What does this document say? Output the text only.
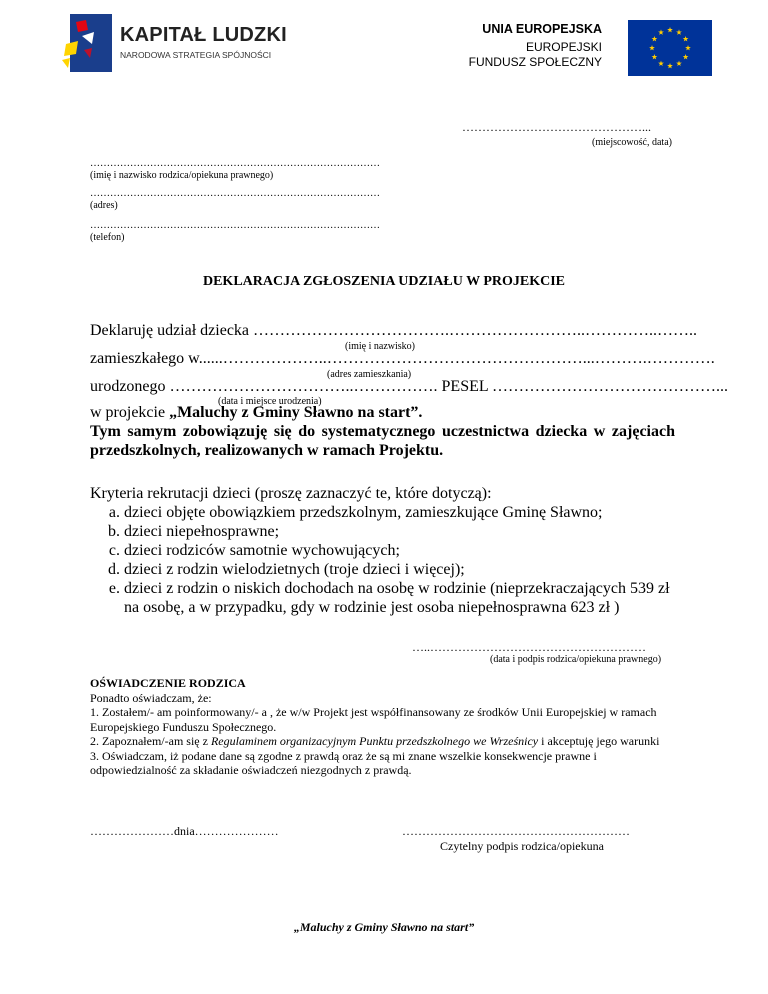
KAPITAŁ LUDZKI
NARODOWA STRATEGIA SPÓJNOŚCI
UNIA EUROPEJSKA
EUROPEJSKI
FUNDUSZ SPOŁECZNY
………………………………………...
(miejscowość, data)
……………………………………………………………………………
(imię i nazwisko rodzica/opiekuna prawnego)
……………………………………………………………………………
(adres)
……………………………………………………………………………
(telefon)
DEKLARACJA ZGŁOSZENIA UDZIAŁU W PROJEKCIE
Deklaruję udział dziecka ……………………………….……………………..…………..……..
(imię i nazwisko)
zamieszkałego w......………………..…………………………………………...……….………….
(adres zamieszkania)
urodzonego ……………………………..……………. PESEL ……………………………………...
(data i miejsce urodzenia)
w projekcie „Maluchy z Gminy Sławno na start”.
Tym samym zobowiązuję się do systematycznego uczestnictwa dziecka w zajęciach przedszkolnych, realizowanych w ramach Projektu.

Kryteria rekrutacji dzieci (proszę zaznaczyć te, które dotyczą):

a. dzieci objęte obowiązkiem przedszkolnym, zamieszkujące Gminę Sławno;
b. dzieci niepełnosprawne;
c. dzieci rodziców samotnie wychowujących;
d. dzieci z rodzin wielodzietnych (troje dzieci i więcej);
e. dzieci z rodzin o niskich dochodach na osobę w rodzinie (nieprzekraczających 539 zł na osobę, a w przypadku, gdy w rodzinie jest osoba niepełnosprawna 623 zł )
…..………………………………………………
(data i podpis rodzica/opiekuna prawnego)

OŚWIADCZENIE RODZICA

Ponadto oświadczam, że:

1. Zostałem/- am poinformowany/- a , że w/w Projekt jest współfinansowany ze środków Unii Europejskiej w ramach Europejskiego Funduszu Społecznego.

2. Zapoznałem/-am się z Regulaminem organizacyjnym Punktu przedszkolnego we Wrześnicy i akceptuję jego warunki

3. Oświadczam, iż podane dane są zgodne z prawdą oraz że są mi znane wszelkie konsekwencje prawne i odpowiedzialność za składanie oświadczeń niezgodnych z prawdą.

…………………dnia…………………	…………………………………………………
Czytelny podpis rodzica/opiekuna
„Maluchy z Gminy Sławno na start”
